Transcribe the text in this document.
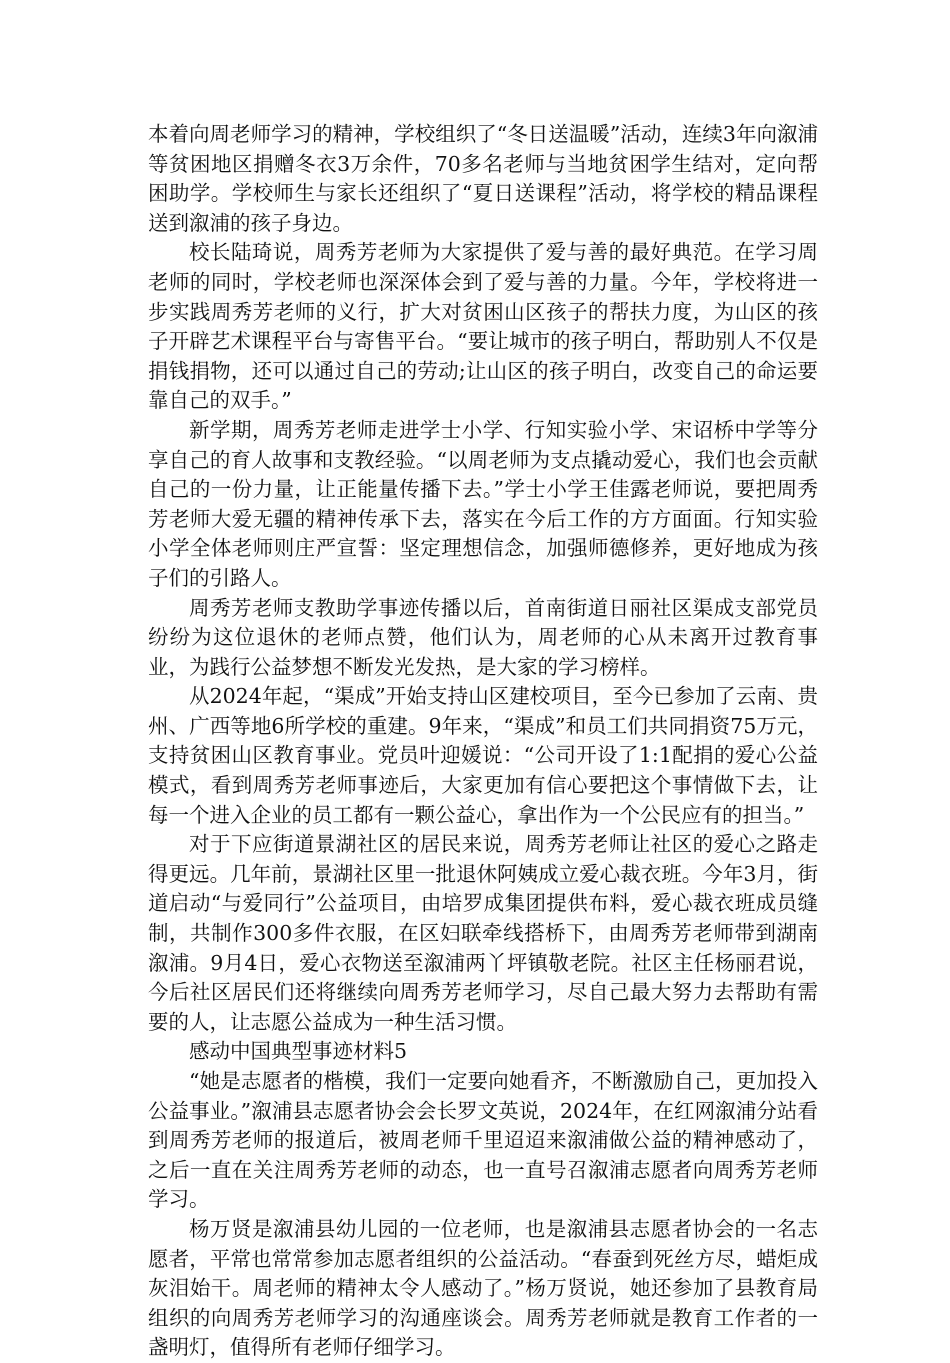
本着向周老师学习的精神，学校组织了“冬日送温暖”活动，连续3年向溆浦等贫困地区捐赠冬衣3万余件，70多名老师与当地贫困学生结对，定向帮困助学。学校师生与家长还组织了“夏日送课程”活动，将学校的精品课程送到溆浦的孩子身边。

校长陆琦说，周秀芳老师为大家提供了爱与善的最好典范。在学习周老师的同时，学校老师也深深体会到了爱与善的力量。今年，学校将进一步实践周秀芳老师的义行，扩大对贫困山区孩子的帮扶力度，为山区的孩子开辟艺术课程平台与寄售平台。“要让城市的孩子明白，帮助别人不仅是捐钱捐物，还可以通过自己的劳动;让山区的孩子明白，改变自己的命运要靠自己的双手。”

新学期，周秀芳老师走进学士小学、行知实验小学、宋诏桥中学等分享自己的育人故事和支教经验。“以周老师为支点撬动爱心，我们也会贡献自己的一份力量，让正能量传播下去。”学士小学王佳露老师说，要把周秀芳老师大爱无疆的精神传承下去，落实在今后工作的方方面面。行知实验小学全体老师则庄严宣誓：坚定理想信念，加强师德修养，更好地成为孩子们的引路人。

周秀芳老师支教助学事迹传播以后，首南街道日丽社区渠成支部党员纷纷为这位退休的老师点赞，他们认为，周老师的心从未离开过教育事业，为践行公益梦想不断发光发热，是大家的学习榜样。

从2024年起，“渠成”开始支持山区建校项目，至今已参加了云南、贵州、广西等地6所学校的重建。9年来，“渠成”和员工们共同捐资75万元，支持贫困山区教育事业。党员叶迎媛说：“公司开设了1:1配捐的爱心公益模式，看到周秀芳老师事迹后，大家更加有信心要把这个事情做下去，让每一个进入企业的员工都有一颗公益心，拿出作为一个公民应有的担当。”

对于下应街道景湖社区的居民来说，周秀芳老师让社区的爱心之路走得更远。几年前，景湖社区里一批退休阿姨成立爱心裁衣班。今年3月，街道启动“与爱同行”公益项目，由培罗成集团提供布料，爱心裁衣班成员缝制，共制作300多件衣服，在区妇联牵线搭桥下，由周秀芳老师带到湖南溆浦。9月4日，爱心衣物送至溆浦两丫坪镇敬老院。社区主任杨丽君说，今后社区居民们还将继续向周秀芳老师学习，尽自己最大努力去帮助有需要的人，让志愿公益成为一种生活习惯。

感动中国典型事迹材料5

“她是志愿者的楷模，我们一定要向她看齐，不断激励自己，更加投入公益事业。”溆浦县志愿者协会会长罗文英说，2024年，在红网溆浦分站看到周秀芳老师的报道后，被周老师千里迢迢来溆浦做公益的精神感动了，之后一直在关注周秀芳老师的动态，也一直号召溆浦志愿者向周秀芳老师学习。

杨万贤是溆浦县幼儿园的一位老师，也是溆浦县志愿者协会的一名志愿者，平常也常常参加志愿者组织的公益活动。“春蚕到死丝方尽，蜡炬成灰泪始干。周老师的精神太令人感动了。”杨万贤说，她还参加了县教育局组织的向周秀芳老师学习的沟通座谈会。周秀芳老师就是教育工作者的一盏明灯，值得所有老师仔细学习。
